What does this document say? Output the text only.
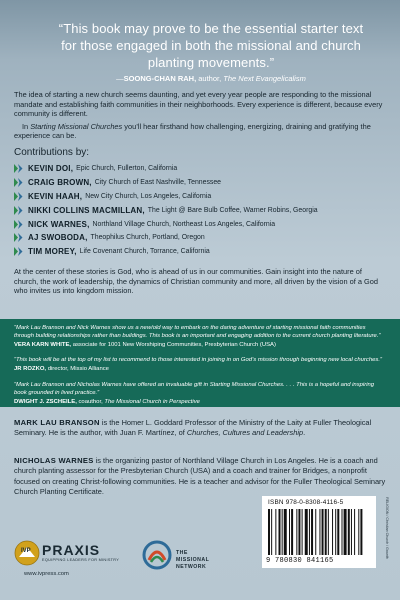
“This book may prove to be the essential starter text for those engaged in both the missional and church planting movements.”
—SOONG-CHAN RAH, author, The Next Evangelicalism

The idea of starting a new church seems daunting, and yet every year people are responding to the missional mandate and establishing faith communities in their neighborhoods. Every experience is different, because every community is different.

In Starting Missional Churches you’ll hear firsthand how challenging, energizing, draining and gratifying the experience can be.

Contributions by:
KEVIN DOI, Epic Church, Fullerton, California
CRAIG BROWN, City Church of East Nashville, Tennessee
KEVIN HAAH, New City Church, Los Angeles, California
NIKKI COLLINS MACMILLAN, The Light @ Bare Bulb Coffee, Warner Robins, Georgia
NICK WARNES, Northland Village Church, Northeast Los Angeles, California
AJ SWOBODA, Theophilus Church, Portland, Oregon
TIM MOREY, Life Covenant Church, Torrance, California

At the center of these stories is God, who is ahead of us in our communities. Gain insight into the nature of church, the work of leadership, the dynamics of Christian community and more, all driven by the vision of a God who invites us into kingdom mission.

“Mark Lau Branson and Nick Warnes show us a new/old way to embark on the daring adventure of starting missional faith communities through building relationships rather than buildings. This book is an important and engaging addition to the current church planting literature.”
VERA KARN WHITE, associate for 1001 New Worshiping Communities, Presbyterian Church (USA)
“This book will be at the top of my list to recommend to those interested in joining in on God’s mission through beginning new local churches.”
JR ROZKO, director, Missio Alliance
“Mark Lau Branson and Nicholas Warnes have offered an invaluable gift in Starting Missional Churches. . . . This is a hopeful and inspiring book grounded in lived practice.”
DWIGHT J. ZSCHEILE, coauthor, The Missional Church in Perspective

MARK LAU BRANSON is the Homer L. Goddard Professor of the Ministry of the Laity at Fuller Theological Seminary. He is the author, with Juan F. Martínez, of Churches, Cultures and Leadership.

NICHOLAS WARNES is the organizing pastor of Northland Village Church in Los Angeles. He is a coach and church planting assessor for the Presbyterian Church (USA) and a coach and trainer for Bridges, a nonprofit focused on creating Christ-following communities. He is a teacher and advisor for the Fuller Theological Seminary Church Planting Certificate.

ISBN 978-0-8308-4116-5
9 780830 841165
RELIGION / Christian Church / Growth
IVP PRAXIS
EQUIPPING LEADERS FOR MINISTRY
www.ivpress.com
THE
MISSIONAL
NETWORK
